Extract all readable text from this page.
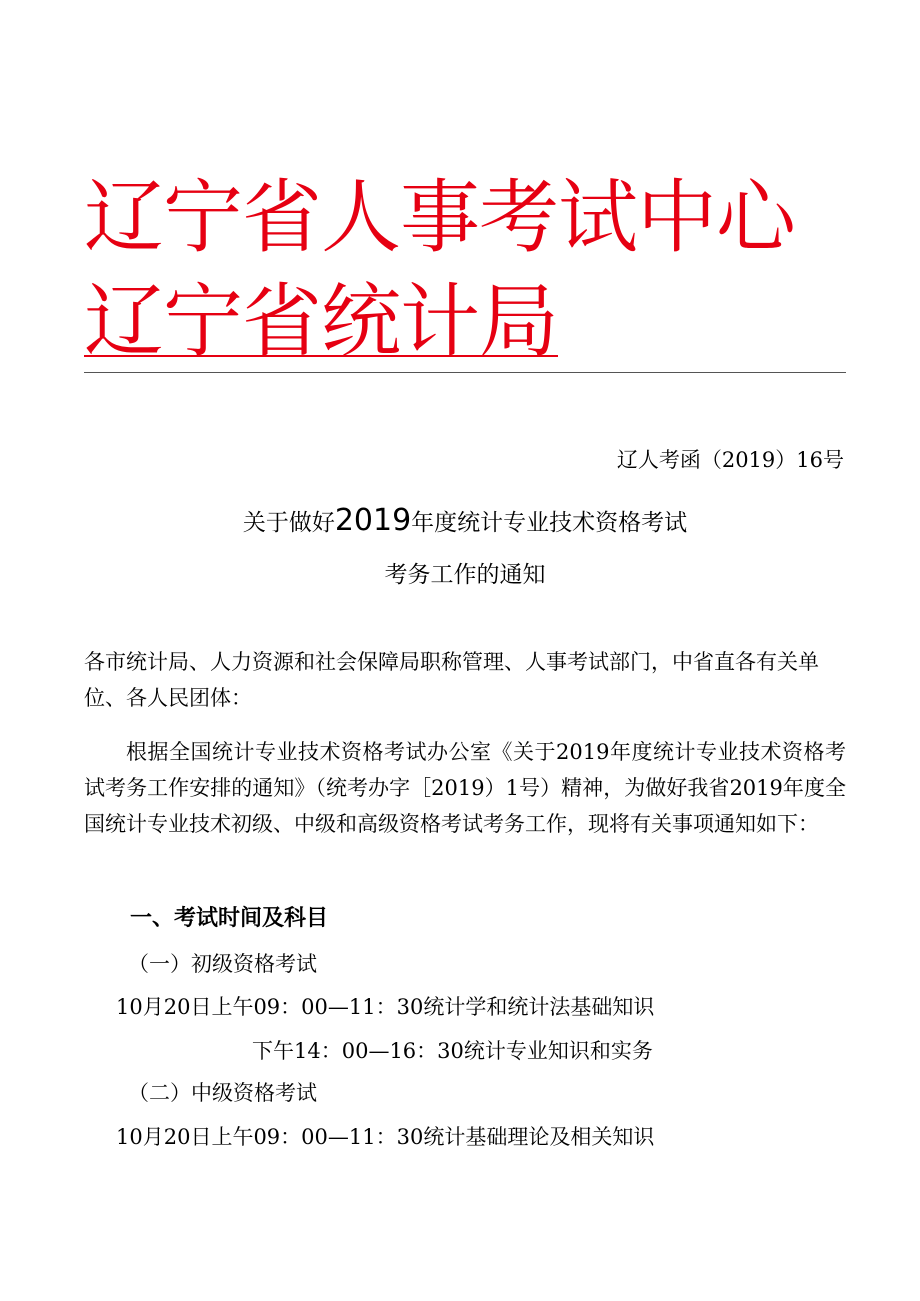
辽宁省人事考试中心辽宁省统计局
辽人考函（2019）16号
关于做好2019年度统计专业技术资格考试
考务工作的通知
各市统计局、人力资源和社会保障局职称管理、人事考试部门，中省直各有关单位、各人民团体：
根据全国统计专业技术资格考试办公室《关于2019年度统计专业技术资格考试考务工作安排的通知》（统考办字［2019）1号）精神，为做好我省2019年度全国统计专业技术初级、中级和高级资格考试考务工作，现将有关事项通知如下：
一、考试时间及科目
（一）初级资格考试
10月20日上午09：00—11：30统计学和统计法基础知识
下午14：00—16：30统计专业知识和实务
（二）中级资格考试
10月20日上午09：00—11：30统计基础理论及相关知识
